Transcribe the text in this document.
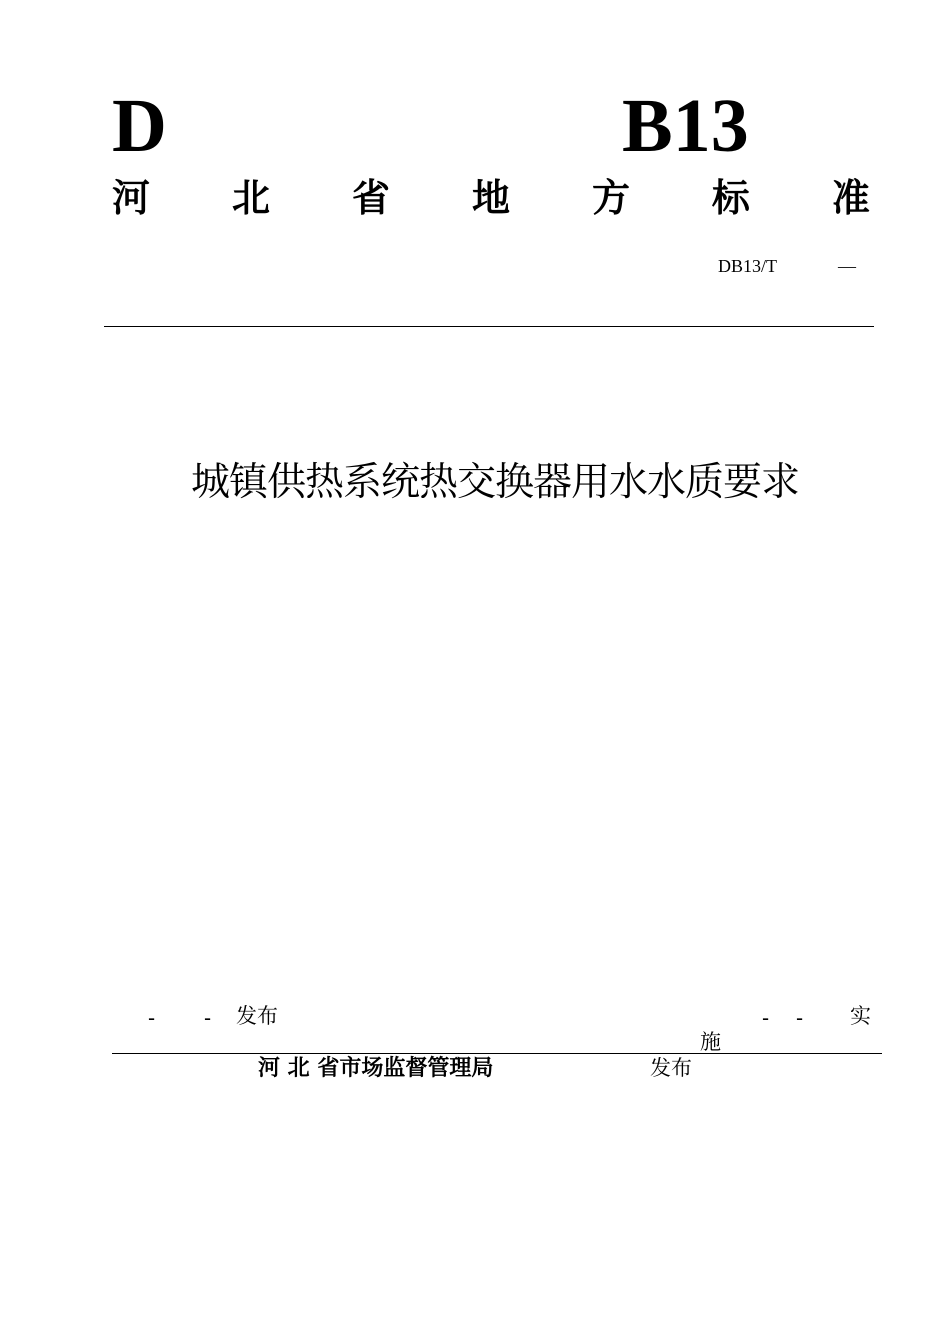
D	B13
河 北 省 地 方 标 准
DB13/T	—
城镇供热系统热交换器用水水质要求
- - 发布	- - 实
施
河 北 省市场监督管理局	发布
